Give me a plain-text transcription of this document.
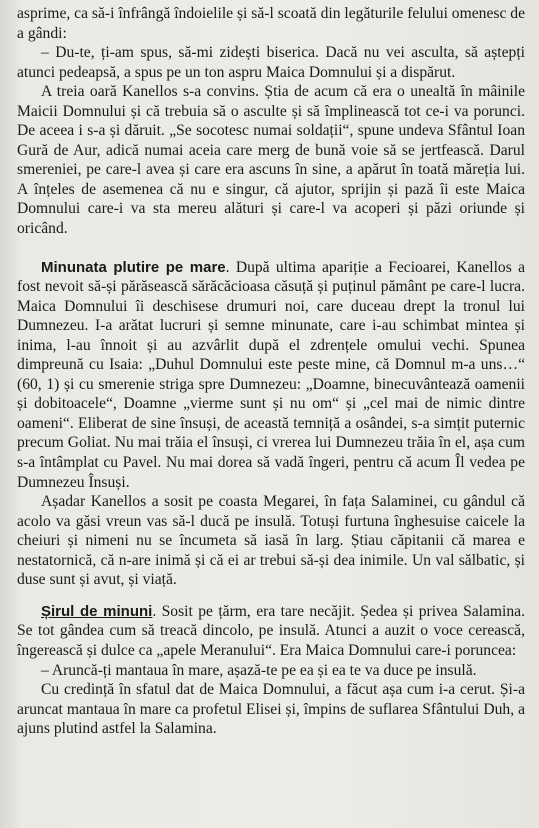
asprime, ca să-i înfrângă îndoielile și să-l scoată din legăturile felului omenesc de a gândi:

– Du-te, ți-am spus, să-mi zidești biserica. Dacă nu vei asculta, să aștepți atunci pedeapsă, a spus pe un ton aspru Maica Domnului și a dispărut.

A treia oară Kanellos s-a convins. Știa de acum că era o unealtă în mâinile Maicii Domnului și că trebuia să o asculte și să împlinească tot ce-i va porunci. De aceea i s-a și dăruit. „Se socotesc numai soldații“, spune undeva Sfântul Ioan Gură de Aur, adică numai aceia care merg de bună voie să se jertfească. Darul smereniei, pe care-l avea și care era ascuns în sine, a apărut în toată măreția lui. A înțeles de asemenea că nu e singur, că ajutor, sprijin și pază îi este Maica Domnului care-i va sta mereu alături și care-l va acoperi și păzi oriunde și oricând.

Minunata plutire pe mare. După ultima apariție a Fecioarei, Kanellos a fost nevoit să-și părăsească sărăcăcioasa căsuță și puținul pământ pe care-l lucra. Maica Domnului îi deschisese drumuri noi, care duceau drept la tronul lui Dumnezeu. I-a arătat lucruri și semne minunate, care i-au schimbat mintea și inima, l-au înnoit și au azvârlit după el zdrențele omului vechi. Spunea dimpreună cu Isaia: „Duhul Domnului este peste mine, că Domnul m-a uns…“ (60, 1) și cu smerenie striga spre Dumnezeu: „Doamne, binecuvântează oamenii și dobitoacele“, Doamne „vierme sunt și nu om“ și „cel mai de nimic dintre oameni“. Eliberat de sine însuși, de această temniță a osândei, s-a simțit puternic precum Goliat. Nu mai trăia el însuși, ci vrerea lui Dumnezeu trăia în el, așa cum s-a întâmplat cu Pavel. Nu mai dorea să vadă îngeri, pentru că acum Îl vedea pe Dumnezeu Însuși.

Așadar Kanellos a sosit pe coasta Megarei, în fața Salaminei, cu gândul că acolo va găsi vreun vas să-l ducă pe insulă. Totuși furtuna înghesuise caicele la cheiuri și nimeni nu se încumeta să iasă în larg. Știau căpitanii că marea e nestatornică, că n-are inimă și că ei ar trebui să-și dea inimile. Un val sălbatic, și duse sunt și avut, și viață.

Șirul de minuni. Sosit pe țărm, era tare necăjit. Ședea și privea Salamina. Se tot gândea cum să treacă dincolo, pe insulă. Atunci a auzit o voce cerească, îngerească și dulce ca „apele Meranului“. Era Maica Domnului care-i poruncea:

– Aruncă-ți mantaua în mare, așază-te pe ea și ea te va duce pe insulă.

Cu credință în sfatul dat de Maica Domnului, a făcut așa cum i-a cerut. Și-a aruncat mantaua în mare ca profetul Elisei și, împins de suflarea Sfântului Duh, a ajuns plutind astfel la Salamina.
